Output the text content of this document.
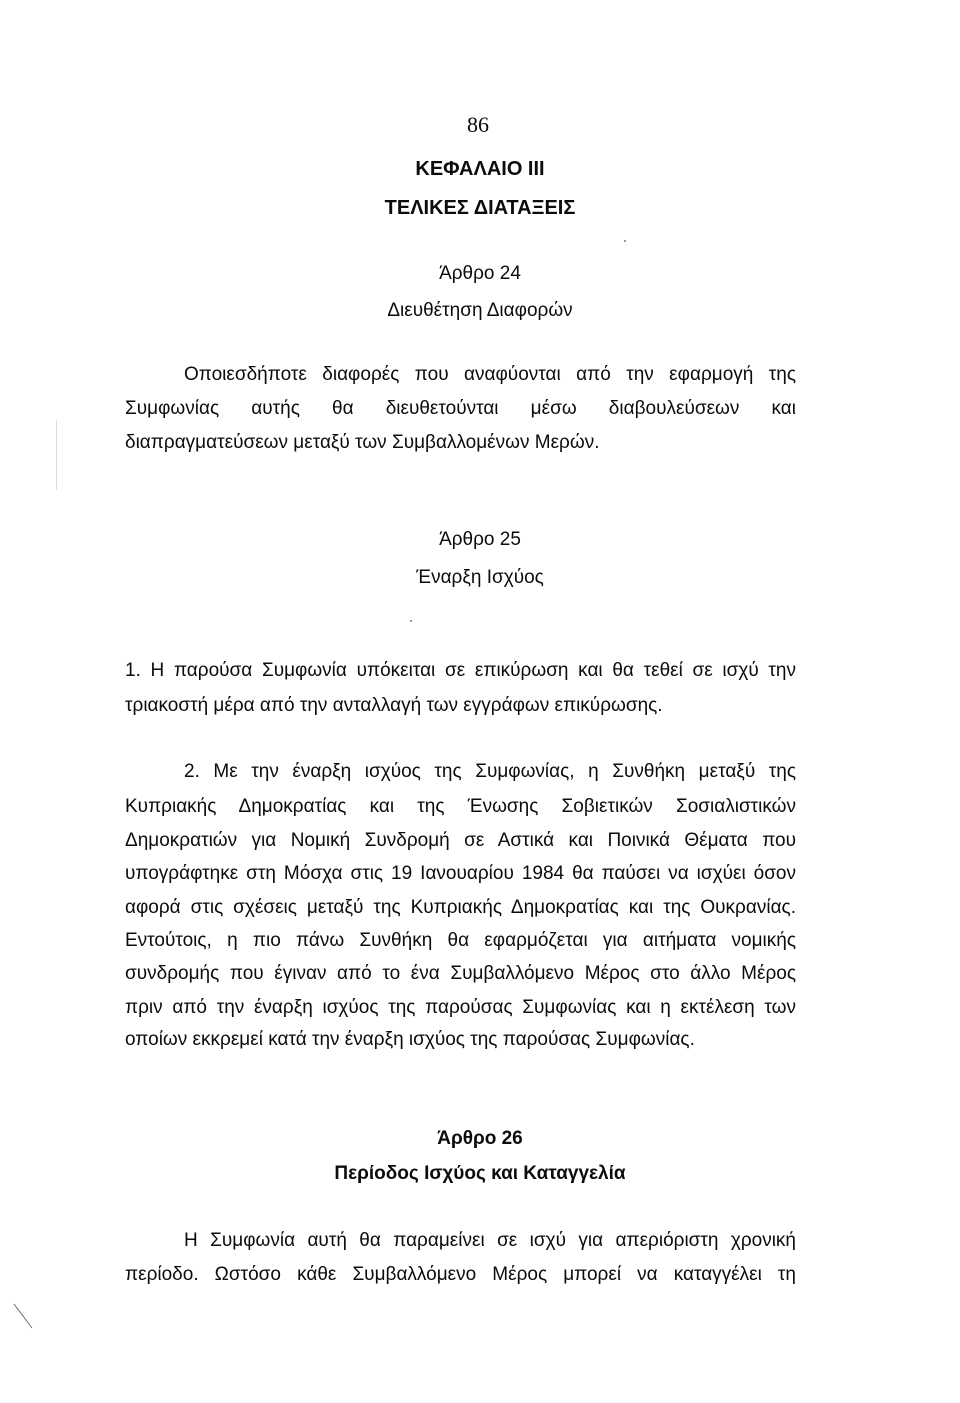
86
ΚΕΦΑΛΑΙΟ III
ΤΕΛΙΚΕΣ ΔΙΑΤΑΞΕΙΣ
Άρθρο 24
Διευθέτηση Διαφορών
Οποιεσδήποτε διαφορές που αναφύονται από την εφαρμογή της
Συμφωνίας αυτής θα διευθετούνται μέσω διαβουλεύσεων και
διαπραγματεύσεων μεταξύ των Συμβαλλομένων Μερών.
Άρθρο 25
Έναρξη Ισχύος
1. Η παρούσα Συμφωνία υπόκειται σε επικύρωση και θα τεθεί σε ισχύ την
τριακοστή μέρα από την ανταλλαγή των εγγράφων επικύρωσης.
2. Με την έναρξη ισχύος της Συμφωνίας, η Συνθήκη μεταξύ της
Κυπριακής Δημοκρατίας και της Ένωσης Σοβιετικών Σοσιαλιστικών
Δημοκρατιών για Νομική Συνδρομή σε Αστικά και Ποινικά Θέματα που
υπογράφτηκε στη Μόσχα στις 19 Ιανουαρίου 1984 θα παύσει να ισχύει όσον
αφορά στις σχέσεις μεταξύ της Κυπριακής Δημοκρατίας και της Ουκρανίας.
Εντούτοις, η πιο πάνω Συνθήκη θα εφαρμόζεται για αιτήματα νομικής
συνδρομής που έγιναν από το ένα Συμβαλλόμενο Μέρος στο άλλο Μέρος
πριν από την έναρξη ισχύος της παρούσας Συμφωνίας και η εκτέλεση των
οποίων εκκρεμεί κατά την έναρξη ισχύος της παρούσας Συμφωνίας.
Άρθρο 26
Περίοδος Ισχύος και Καταγγελία
Η Συμφωνία αυτή θα παραμείνει σε ισχύ για απεριόριστη χρονική
περίοδο. Ωστόσο κάθε Συμβαλλόμενο Μέρος μπορεί να καταγγέλει τη
